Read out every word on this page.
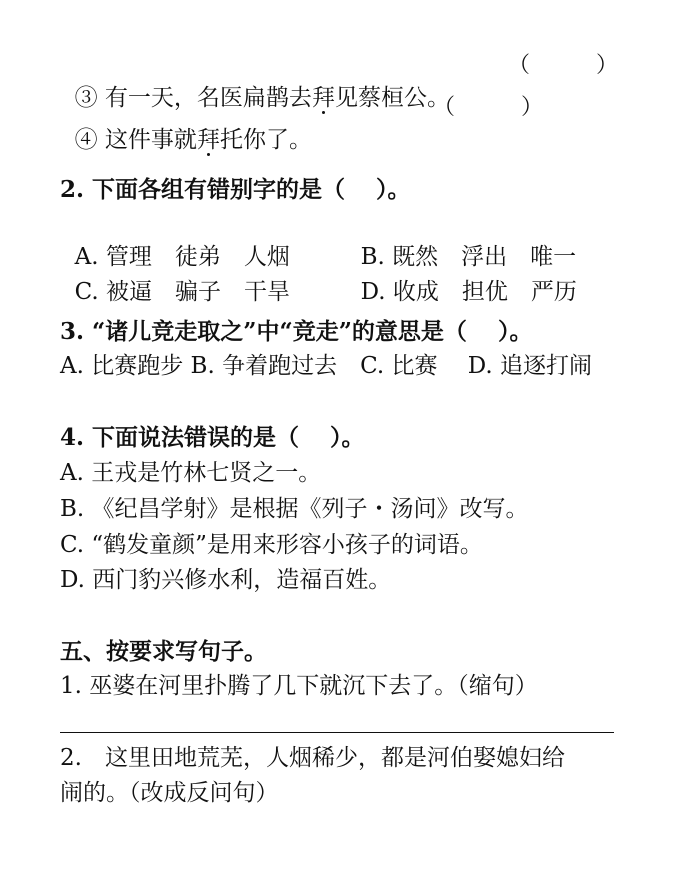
③ 有一天，名医扁鹊去拜见蔡桓公。

（　　　）

④ 这件事就拜托你了。

（　　　）
2. 下面各组有错别字的是（　 ）。

A. 管理　徒弟　人烟	B. 既然　浮出　唯一

C. 被逼　骗子　干旱	D. 收成　担优　严历

3. “诸儿竞走取之”中“竞走”的意思是（　 ）。
A. 比赛跑步 B. 争着跑过去　C. 比赛　 D. 追逐打闹
4. 下面说法错误的是（　 ）。
A. 王戎是竹林七贤之一。
B. 《纪昌学射》是根据《列子・汤问》改写。
C. “鹤发童颜”是用来形容小孩子的词语。
D. 西门豹兴修水利，造福百姓。
五、按要求写句子。
1. 巫婆在河里扑腾了几下就沉下去了。（缩句）
2.　这里田地荒芜，人烟稀少，都是河伯娶媳妇给
闹的。（改成反问句）
